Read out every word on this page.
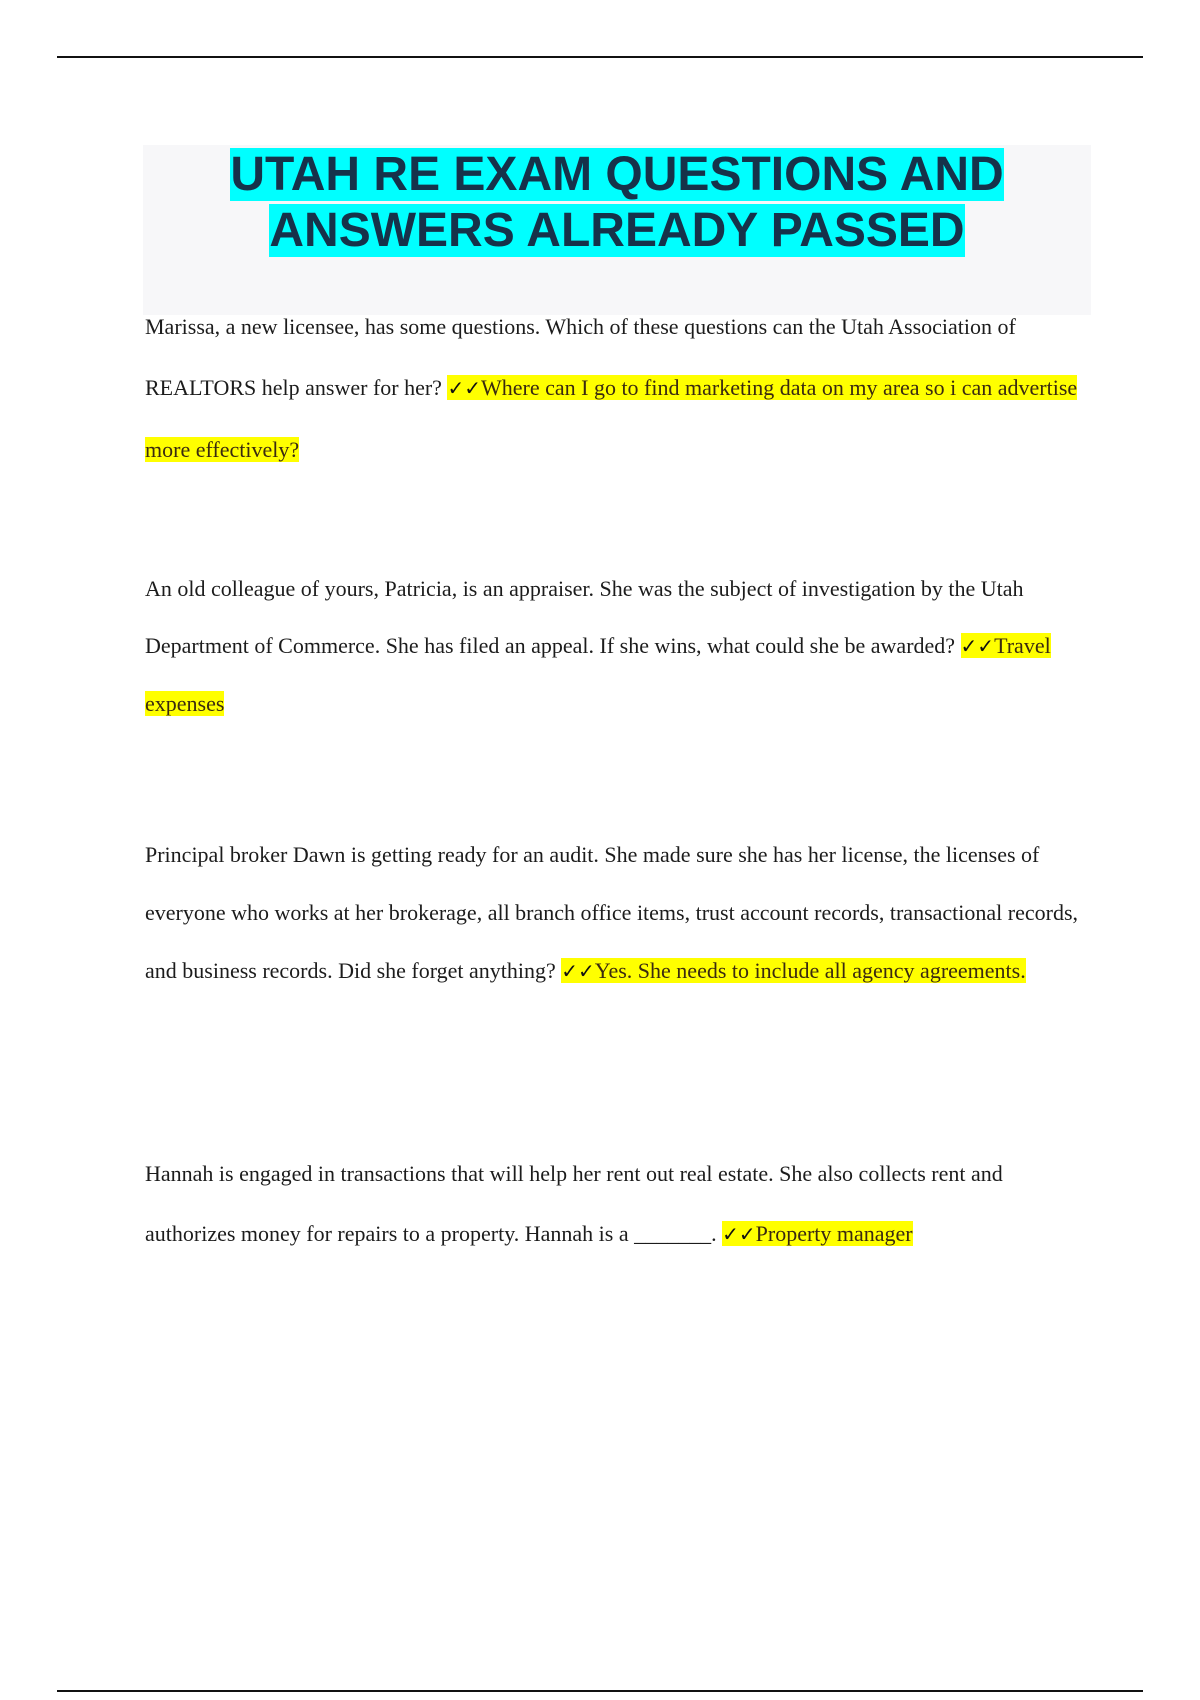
UTAH RE EXAM QUESTIONS AND
ANSWERS ALREADY PASSED

Marissa, a new licensee, has some questions. Which of these questions can the Utah Association of REALTORS help answer for her? ✓✓Where can I go to find marketing data on my area so i can advertise more effectively?

An old colleague of yours, Patricia, is an appraiser. She was the subject of investigation by the Utah Department of Commerce. She has filed an appeal. If she wins, what could she be awarded? ✓✓Travel expenses

Principal broker Dawn is getting ready for an audit. She made sure she has her license, the licenses of everyone who works at her brokerage, all branch office items, trust account records, transactional records, and business records. Did she forget anything? ✓✓Yes. She needs to include all agency agreements.

Hannah is engaged in transactions that will help her rent out real estate. She also collects rent and authorizes money for repairs to a property. Hannah is a _______. ✓✓Property manager
